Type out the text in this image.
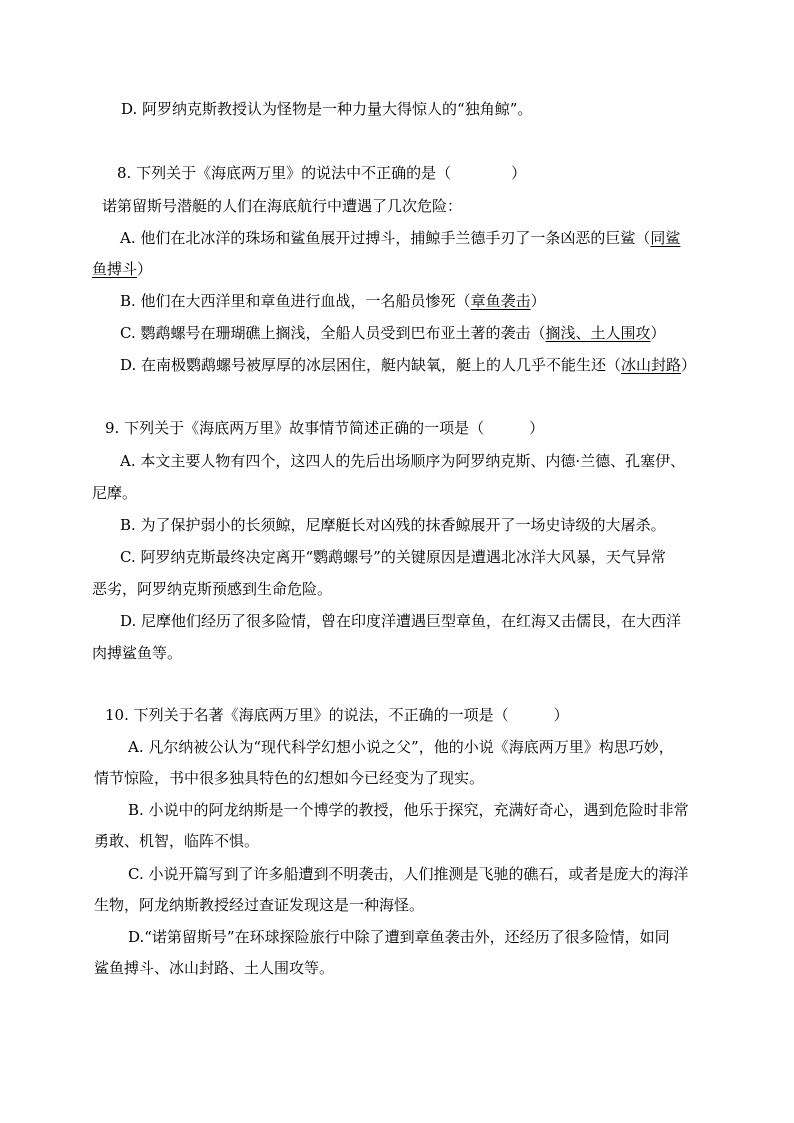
D. 阿罗纳克斯教授认为怪物是一种力量大得惊人的“独角鲸”。
8. 下列关于《海底两万里》的说法中不正确的是（　　　　）
诺第留斯号潜艇的人们在海底航行中遭遇了几次危险：
A. 他们在北冰洋的珠场和鲨鱼展开过搏斗，捕鲸手兰德手刃了一条凶恶的巨鲨（同鲨
鱼搏斗）
B. 他们在大西洋里和章鱼进行血战，一名船员惨死（章鱼袭击）
C. 鹦鹉螺号在珊瑚礁上搁浅，全船人员受到巴布亚土著的袭击（搁浅、土人围攻）
D. 在南极鹦鹉螺号被厚厚的冰层困住，艇内缺氧，艇上的人几乎不能生还（冰山封路）
9. 下列关于《海底两万里》故事情节简述正确的一项是（　　　）
A. 本文主要人物有四个，这四人的先后出场顺序为阿罗纳克斯、内德·兰德、孔塞伊、
尼摩。
B. 为了保护弱小的长须鲸，尼摩艇长对凶残的抹香鲸展开了一场史诗级的大屠杀。
C. 阿罗纳克斯最终决定离开“鹦鹉螺号”的关键原因是遭遇北冰洋大风暴，天气异常
恶劣，阿罗纳克斯预感到生命危险。
D. 尼摩他们经历了很多险情，曾在印度洋遭遇巨型章鱼，在红海又击儒艮，在大西洋
肉搏鲨鱼等。
10. 下列关于名著《海底两万里》的说法，不正确的一项是（　　　）
A. 凡尔纳被公认为“现代科学幻想小说之父”，他的小说《海底两万里》构思巧妙，
情节惊险，书中很多独具特色的幻想如今已经变为了现实。
B. 小说中的阿龙纳斯是一个博学的教授，他乐于探究，充满好奇心，遇到危险时非常
勇敢、机智，临阵不惧。
C. 小说开篇写到了许多船遭到不明袭击，人们推测是飞驰的礁石，或者是庞大的海洋
生物，阿龙纳斯教授经过查证发现这是一种海怪。
D.“诺第留斯号”在环球探险旅行中除了遭到章鱼袭击外，还经历了很多险情，如同
鲨鱼搏斗、冰山封路、土人围攻等。
